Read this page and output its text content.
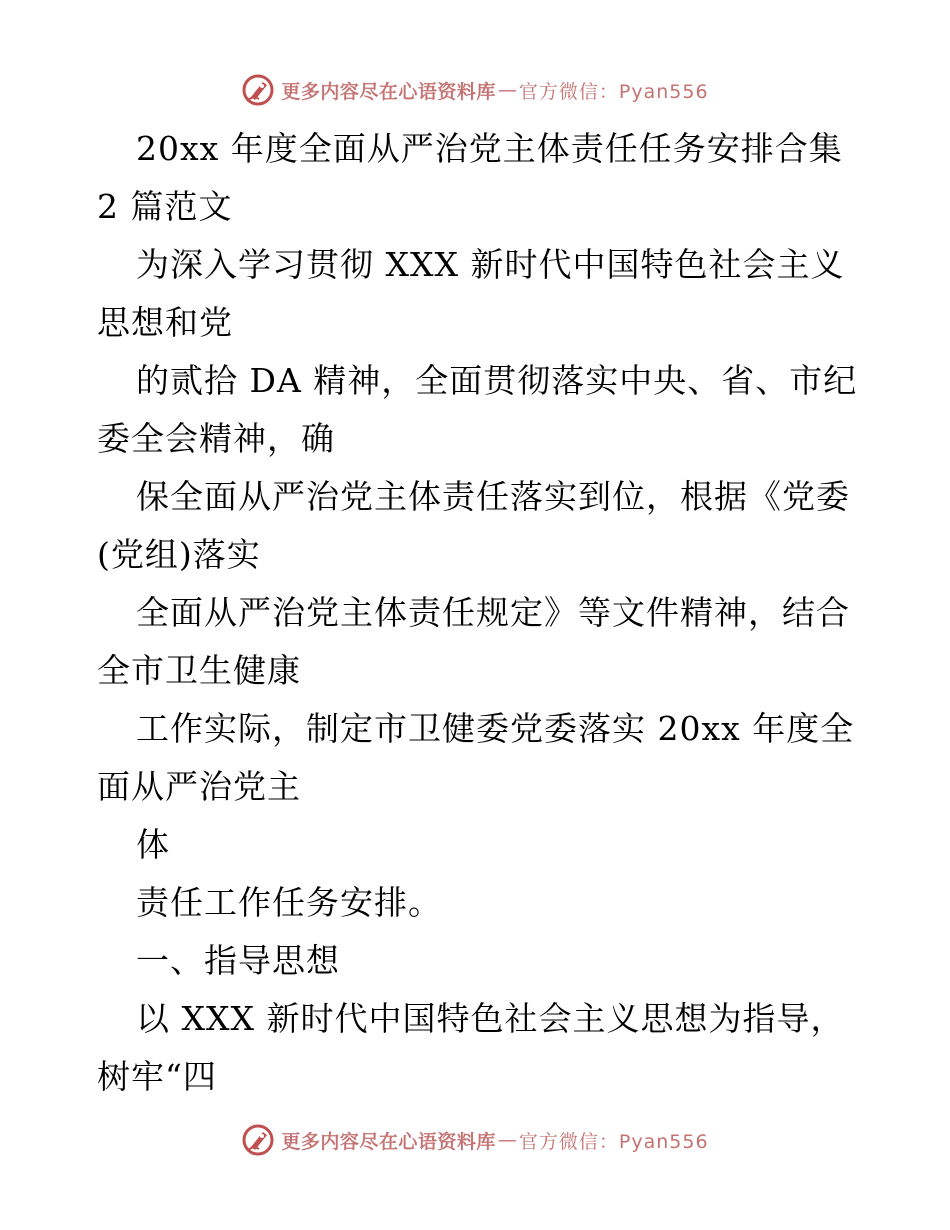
更多内容尽在心语资料库 — 官方微信：Pyan556
20xx 年度全面从严治党主体责任任务安排合集
2 篇范文
为深入学习贯彻 XXX 新时代中国特色社会主义
思想和党
的贰拾 DA 精神，全面贯彻落实中央、省、市纪
委全会精神，确
保全面从严治党主体责任落实到位，根据《党委
(党组)落实
全面从严治党主体责任规定》等文件精神，结合
全市卫生健康
工作实际，制定市卫健委党委落实 20xx 年度全
面从严治党主
体
责任工作任务安排。
一、指导思想
以 XXX 新时代中国特色社会主义思想为指导，
树牢“四
更多内容尽在心语资料库 — 官方微信：Pyan556
